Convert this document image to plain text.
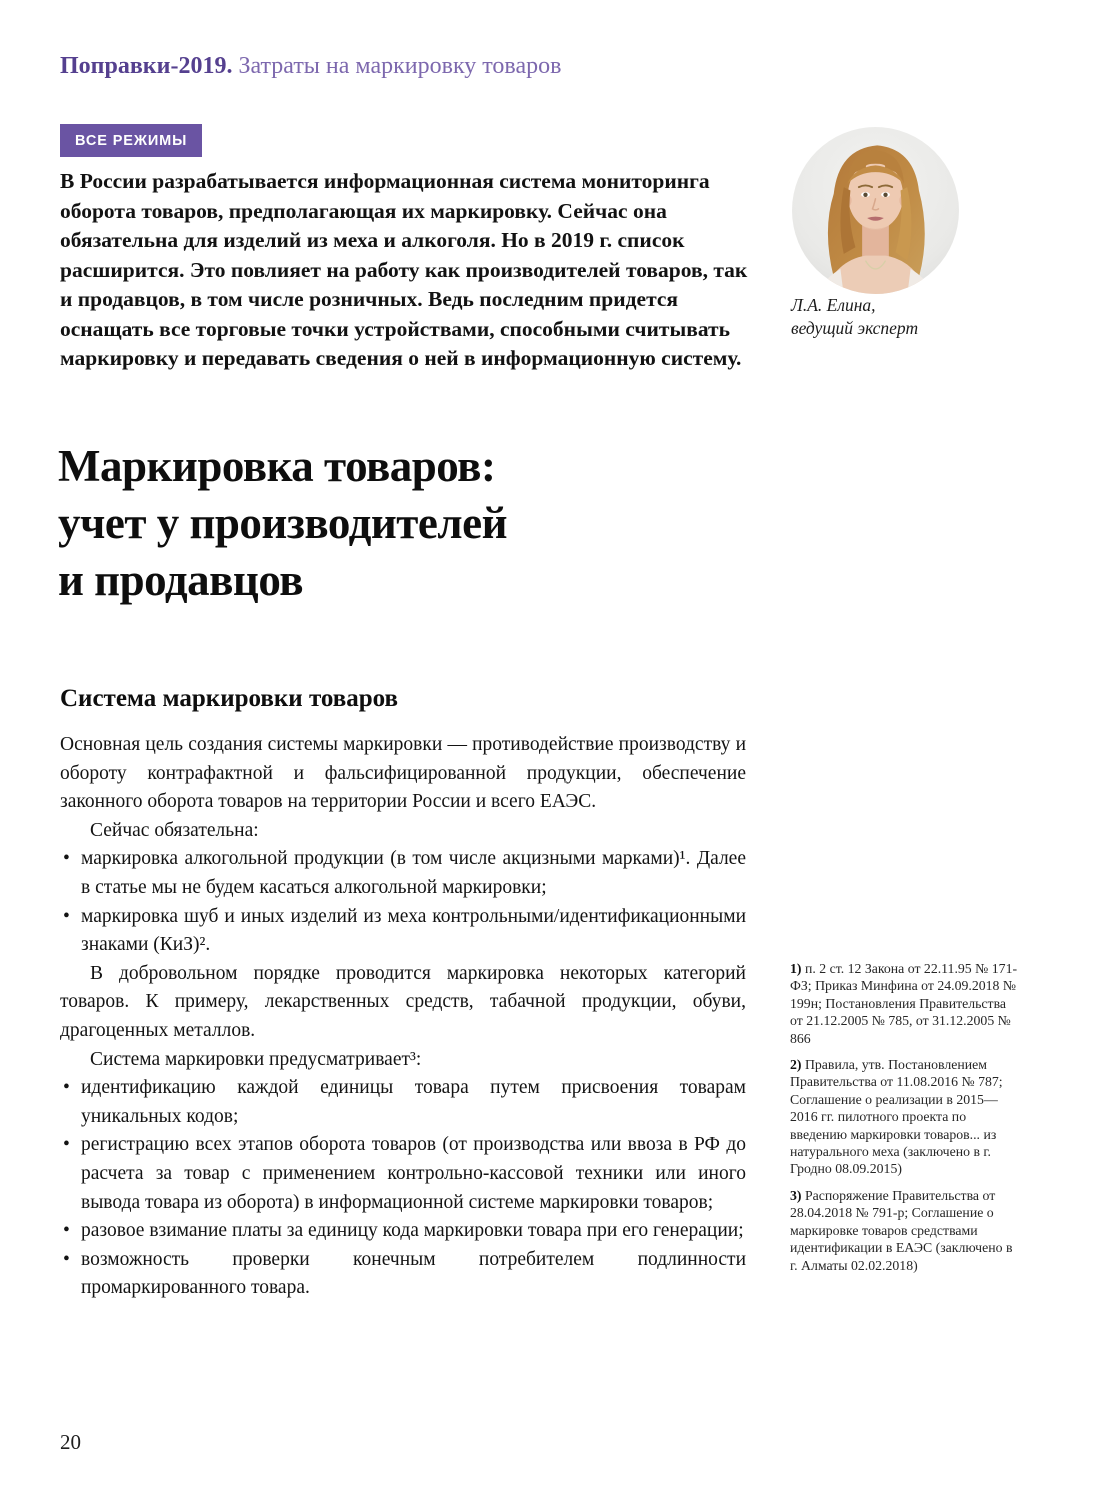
Поправки-2019. Затраты на маркировку товаров
ВСЕ РЕЖИМЫ
В России разрабатывается информационная система мониторинга оборота товаров, предполагающая их маркировку. Сейчас она обязательна для изделий из меха и алкоголя. Но в 2019 г. список расширится. Это повлияет на работу как производителей товаров, так и продавцов, в том числе розничных. Ведь последним придется оснащать все торговые точки устройствами, способными считывать маркировку и передавать сведения о ней в информационную систему.
Л.А. Елина,
ведущий эксперт
Маркировка товаров:
учет у производителей
и продавцов
Система маркировки товаров

Основная цель создания системы маркировки — противодействие производству и обороту контрафактной и фальсифицированной продукции, обеспечение законного оборота товаров на территории России и всего ЕАЭС.

Сейчас обязательна:

• маркировка алкогольной продукции (в том числе акцизными марками)¹. Далее в статье мы не будем касаться алкогольной маркировки;

• маркировка шуб и иных изделий из меха контрольными/идентификационными знаками (КиЗ)².

В добровольном порядке проводится маркировка некоторых категорий товаров. К примеру, лекарственных средств, табачной продукции, обуви, драгоценных металлов.

Система маркировки предусматривает³:

• идентификацию каждой единицы товара путем присвоения товарам уникальных кодов;

• регистрацию всех этапов оборота товаров (от производства или ввоза в РФ до расчета за товар с применением контрольно-кассовой техники или иного вывода товара из оборота) в информационной системе маркировки товаров;

• разовое взимание платы за единицу кода маркировки товара при его генерации;

• возможность проверки конечным потребителем подлинности промаркированного товара.

1) п. 2 ст. 12 Закона от 22.11.95 № 171-ФЗ; Приказ Минфина от 24.09.2018 № 199н; Постановления Правительства от 21.12.2005 № 785, от 31.12.2005 № 866

2) Правила, утв. Постановлением Правительства от 11.08.2016 № 787; Соглашение о реализации в 2015—2016 гг. пилотного проекта по введению маркировки товаров... из натурального меха (заключено в г. Гродно 08.09.2015)

3) Распоряжение Правительства от 28.04.2018 № 791-р; Соглашение о маркировке товаров средствами идентификации в ЕАЭС (заключено в г. Алматы 02.02.2018)

20
